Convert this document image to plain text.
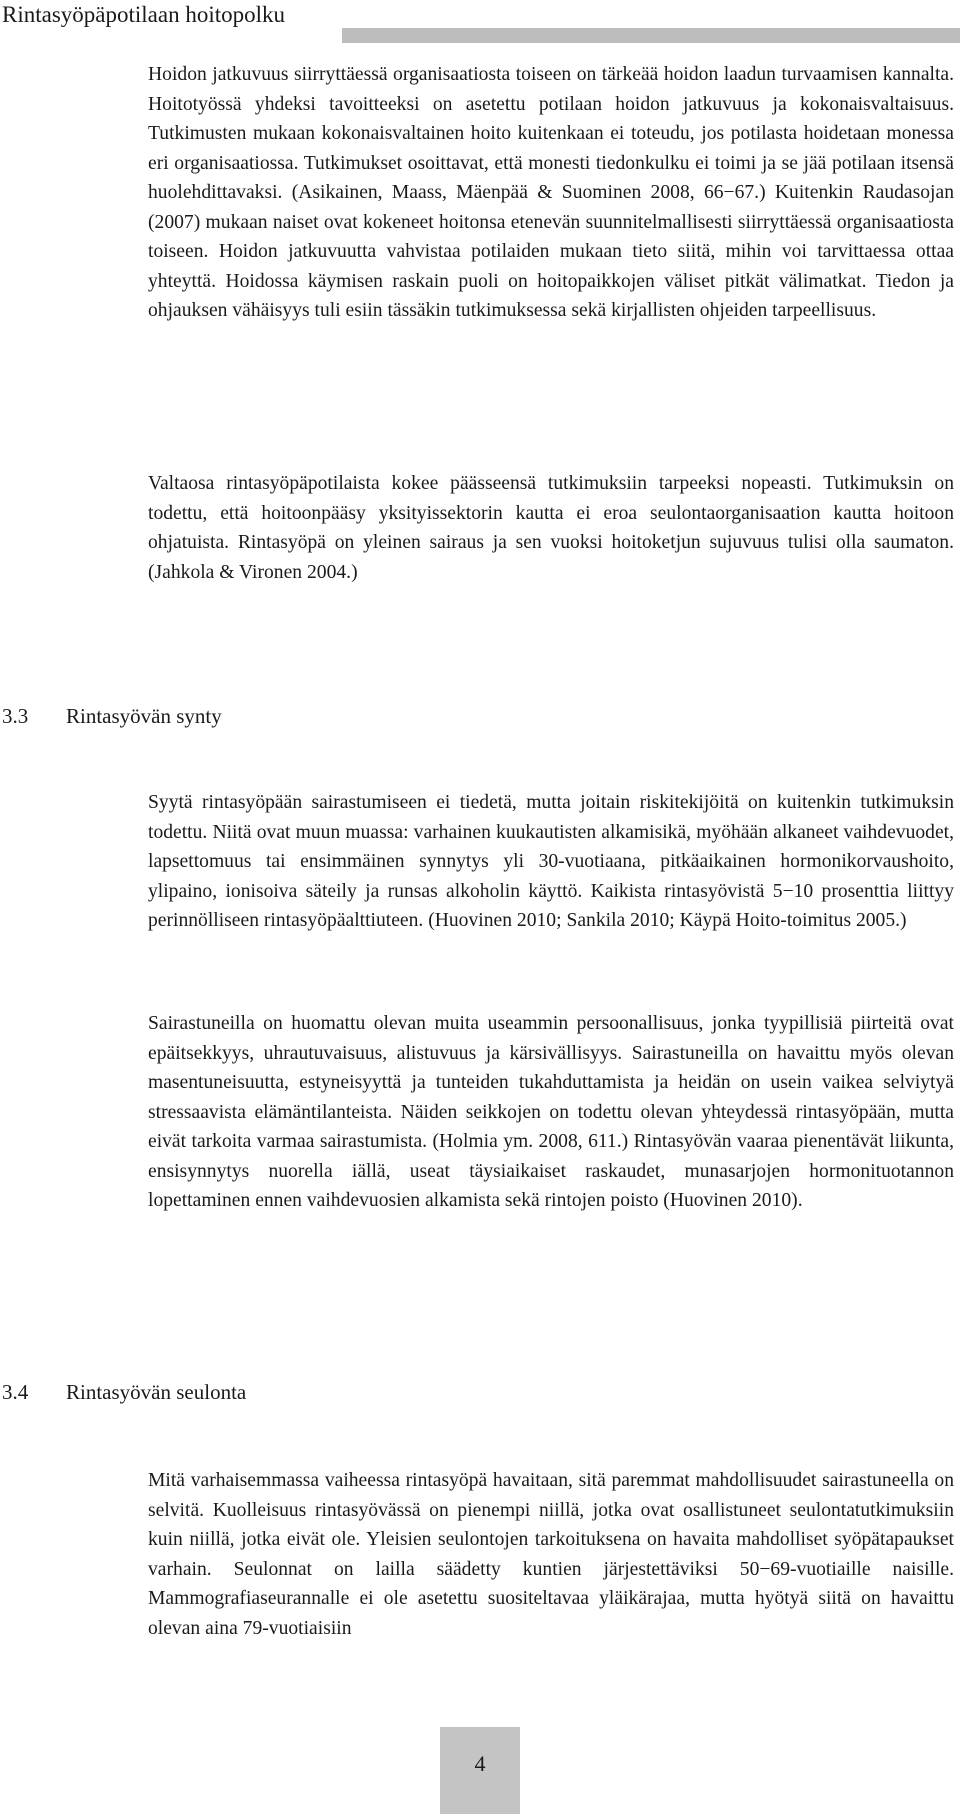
Rintasyöpäpotilaan hoitopolku

Hoidon jatkuvuus siirryttäessä organisaatiosta toiseen on tärkeää hoidon laadun turvaamisen kannalta. Hoitotyössä yhdeksi tavoitteeksi on asetettu potilaan hoidon jatkuvuus ja kokonaisvaltaisuus. Tutkimusten mukaan kokonaisvaltainen hoito kuitenkaan ei toteudu, jos potilasta hoidetaan monessa eri organisaatiossa. Tutkimukset osoittavat, että monesti tiedonkulku ei toimi ja se jää potilaan itsensä huolehdittavaksi. (Asikainen, Maass, Mäenpää & Suominen 2008, 66−67.) Kuitenkin Raudasojan (2007) mukaan naiset ovat kokeneet hoitonsa etenevän suunnitelmallisesti siirryttäessä organisaatiosta toiseen. Hoidon jatkuvuutta vahvistaa potilaiden mukaan tieto siitä, mihin voi tarvittaessa ottaa yhteyttä. Hoidossa käymisen raskain puoli on hoitopaikkojen väliset pitkät välimatkat. Tiedon ja ohjauksen vähäisyys tuli esiin tässäkin tutkimuksessa sekä kirjallisten ohjeiden tarpeellisuus.

Valtaosa rintasyöpäpotilaista kokee päässeensä tutkimuksiin tarpeeksi nopeasti. Tutkimuksin on todettu, että hoitoonpääsy yksityissektorin kautta ei eroa seulontaorganisaation kautta hoitoon ohjatuista. Rintasyöpä on yleinen sairaus ja sen vuoksi hoitoketjun sujuvuus tulisi olla saumaton. (Jahkola & Vironen 2004.)

3.3 Rintasyövän synty

Syytä rintasyöpään sairastumiseen ei tiedetä, mutta joitain riskitekijöitä on kuitenkin tutkimuksin todettu. Niitä ovat muun muassa: varhainen kuukautisten alkamisikä, myöhään alkaneet vaihdevuodet, lapsettomuus tai ensimmäinen synnytys yli 30-vuotiaana, pitkäaikainen hormonikorvaushoito, ylipaino, ionisoiva säteily ja runsas alkoholin käyttö. Kaikista rintasyövistä 5−10 prosenttia liittyy perinnölliseen rintasyöpäalttiuteen. (Huovinen 2010; Sankila 2010; Käypä Hoito-toimitus 2005.)

Sairastuneilla on huomattu olevan muita useammin persoonallisuus, jonka tyypillisiä piirteitä ovat epäitsekkyys, uhrautuvaisuus, alistuvuus ja kärsivällisyys. Sairastuneilla on havaittu myös olevan masentuneisuutta, estyneisyyttä ja tunteiden tukahduttamista ja heidän on usein vaikea selviytyä stressaavista elämäntilanteista. Näiden seikkojen on todettu olevan yhteydessä rintasyöpään, mutta eivät tarkoita varmaa sairastumista. (Holmia ym. 2008, 611.) Rintasyövän vaaraa pienentävät liikunta, ensisynnytys nuorella iällä, useat täysiaikaiset raskaudet, munasarjojen hormonituotannon lopettaminen ennen vaihdevuosien alkamista sekä rintojen poisto (Huovinen 2010).

3.4 Rintasyövän seulonta

Mitä varhaisemmassa vaiheessa rintasyöpä havaitaan, sitä paremmat mahdollisuudet sairastuneella on selvitä. Kuolleisuus rintasyövässä on pienempi niillä, jotka ovat osallistuneet seulontatutkimuksiin kuin niillä, jotka eivät ole. Yleisien seulontojen tarkoituksena on havaita mahdolliset syöpätapaukset varhain. Seulonnat on lailla säädetty kuntien järjestettäviksi 50−69-vuotiaille naisille. Mammografiaseurannalle ei ole asetettu suositeltavaa yläikärajaa, mutta hyötyä siitä on havaittu olevan aina 79-vuotiaisiin

4
